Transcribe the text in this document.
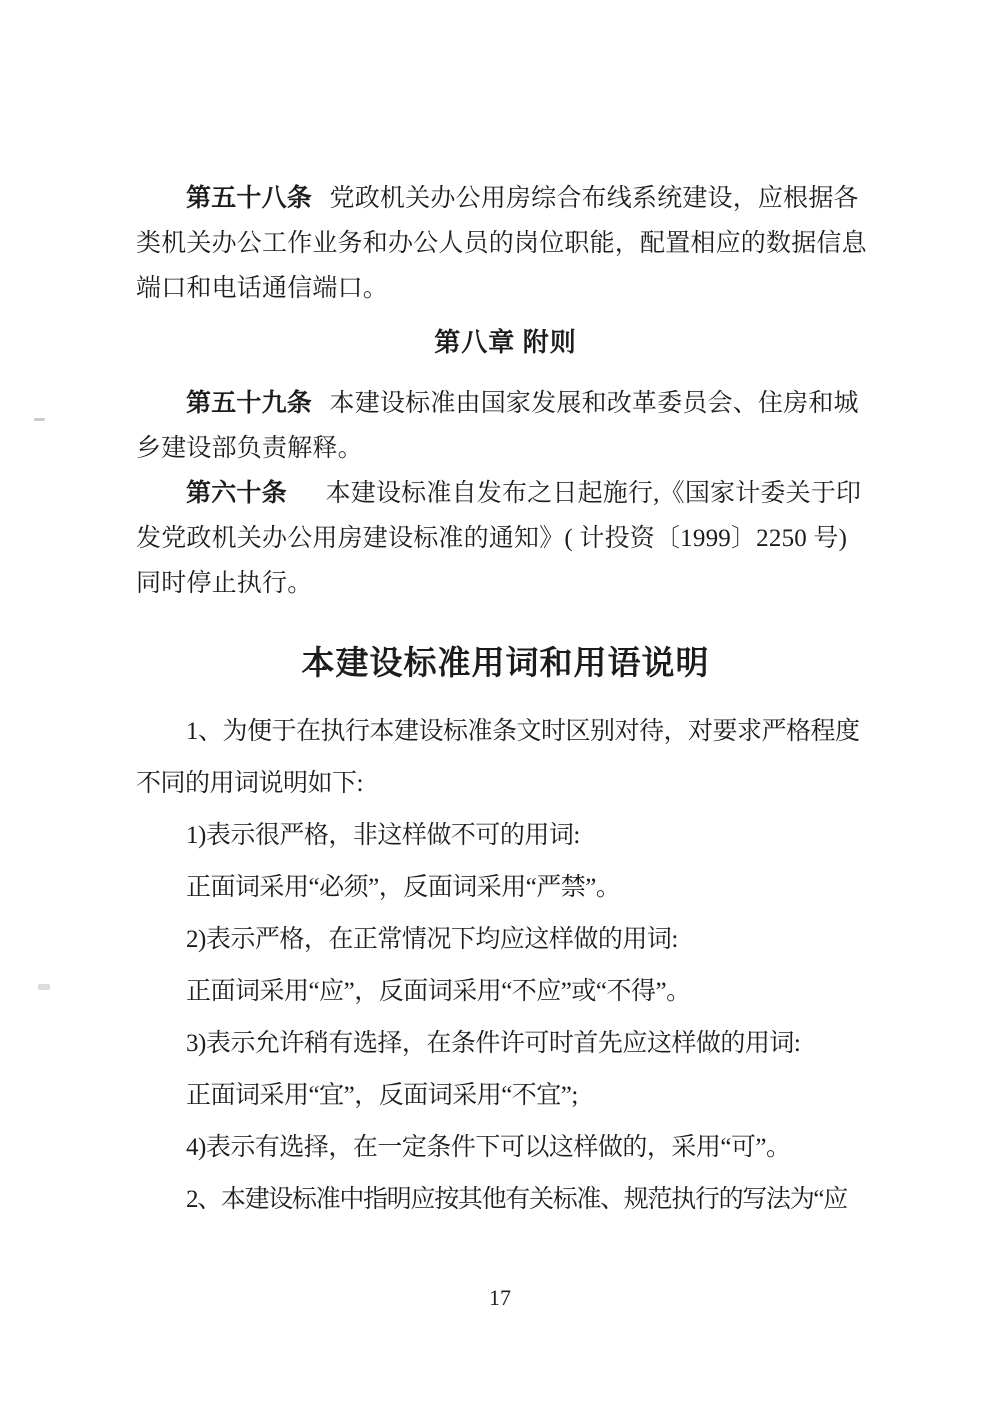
第五十八条 党政机关办公用房综合布线系统建设，应根据各
类机关办公工作业务和办公人员的岗位职能，配置相应的数据信息
端口和电话通信端口。
第八章 附则
第五十九条 本建设标准由国家发展和改革委员会、住房和城
乡建设部负责解释。
第六十条 本建设标准自发布之日起施行,《国家计委关于印
发党政机关办公用房建设标准的通知》( 计投资〔1999〕2250 号)
同时停止执行。
本建设标准用词和用语说明
1、为便于在执行本建设标准条文时区别对待，对要求严格程度
不同的用词说明如下:
1)表示很严格，非这样做不可的用词:
正面词采用“必须”，反面词采用“严禁”。
2)表示严格，在正常情况下均应这样做的用词:
正面词采用“应”，反面词采用“不应”或“不得”。
3)表示允许稍有选择，在条件许可时首先应这样做的用词:
正面词采用“宜”，反面词采用“不宜”;
4)表示有选择，在一定条件下可以这样做的，采用“可”。
2、本建设标准中指明应按其他有关标准、规范执行的写法为“应
17
